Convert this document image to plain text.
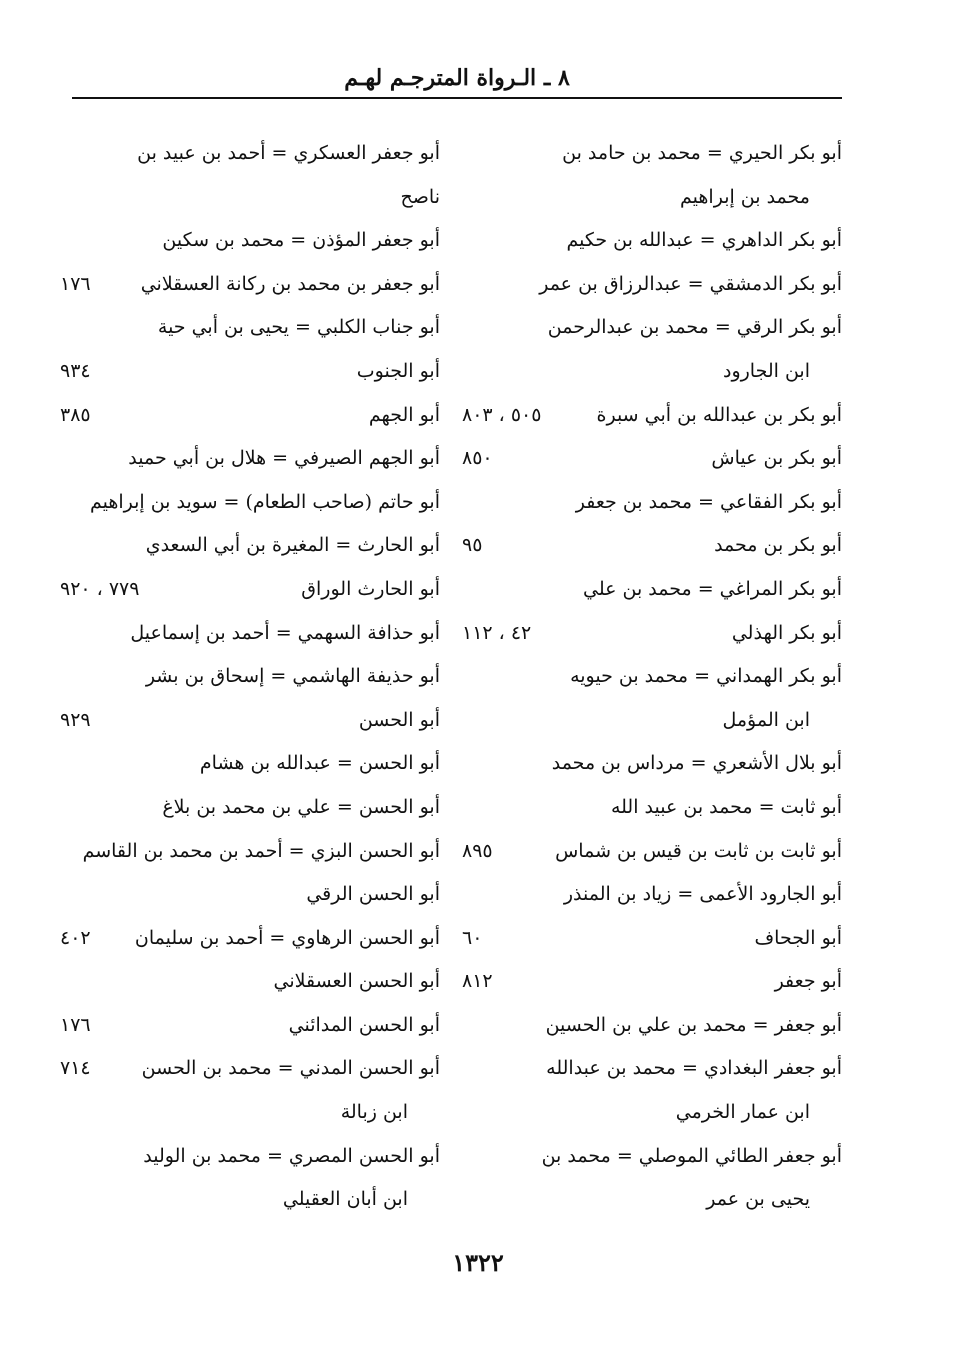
٨ ـ الـرواة المترجـم لهـم
أبو بكر الحيري = محمد بن حامد بن
محمد بن إبراهيم
أبو بكر الداهري = عبدالله بن حكيم
أبو بكر الدمشقي = عبدالرزاق بن عمر
أبو بكر الرقي = محمد بن عبدالرحمن
ابن الجارود
أبو بكر بن عبدالله بن أبي سبرة
٥٠٥ ، ٨٠٣
أبو بكر بن عياش
٨٥٠
أبو بكر الفقاعي = محمد بن جعفر
أبو بكر بن محمد
٩٥
أبو بكر المراغي = محمد بن علي
أبو بكر الهذلي
٤٢ ، ١١٢
أبو بكر الهمداني = محمد بن حيويه
ابن المؤمل
أبو بلال الأشعري = مرداس بن محمد
أبو ثابت = محمد بن عبيد الله
أبو ثابت بن ثابت بن قيس بن شماس
٨٩٥
أبو الجارود الأعمى = زياد بن المنذر
أبو الجحاف
٦٠
أبو جعفر
٨١٢
أبو جعفر = محمد بن علي بن الحسين
أبو جعفر البغدادي = محمد بن عبدالله
ابن عمار الخرمي
أبو جعفر الطائي الموصلي = محمد بن
يحيى بن عمر
أبو جعفر العسكري = أحمد بن عبيد بن
ناصح
أبو جعفر المؤذن = محمد بن سكين
أبو جعفر بن محمد بن ركانة العسقلاني
١٧٦
أبو جناب الكلبي = يحيى بن أبي حية
أبو الجنوب
٩٣٤
أبو الجهم
٣٨٥
أبو الجهم الصيرفي = هلال بن أبي حميد
أبو حاتم (صاحب الطعام) = سويد بن إبراهيم
أبو الحارث = المغيرة بن أبي السعدي
أبو الحارث الوراق
٧٧٩ ، ٩٢٠
أبو حذافة السهمي = أحمد بن إسماعيل
أبو حذيفة الهاشمي = إسحاق بن بشر
أبو الحسن
٩٢٩
أبو الحسن = عبدالله بن هشام
أبو الحسن = علي بن محمد بن بلاغ
أبو الحسن البزي = أحمد بن محمد بن القاسم
أبو الحسن الرقي
أبو الحسن الرهاوي = أحمد بن سليمان
٤٠٢
أبو الحسن العسقلاني
أبو الحسن المدائني
١٧٦
أبو الحسن المدني = محمد بن الحسن
٧١٤
ابن زبالة
أبو الحسن المصري = محمد بن الوليد
ابن أبان العقيلي
١٣٢٢
